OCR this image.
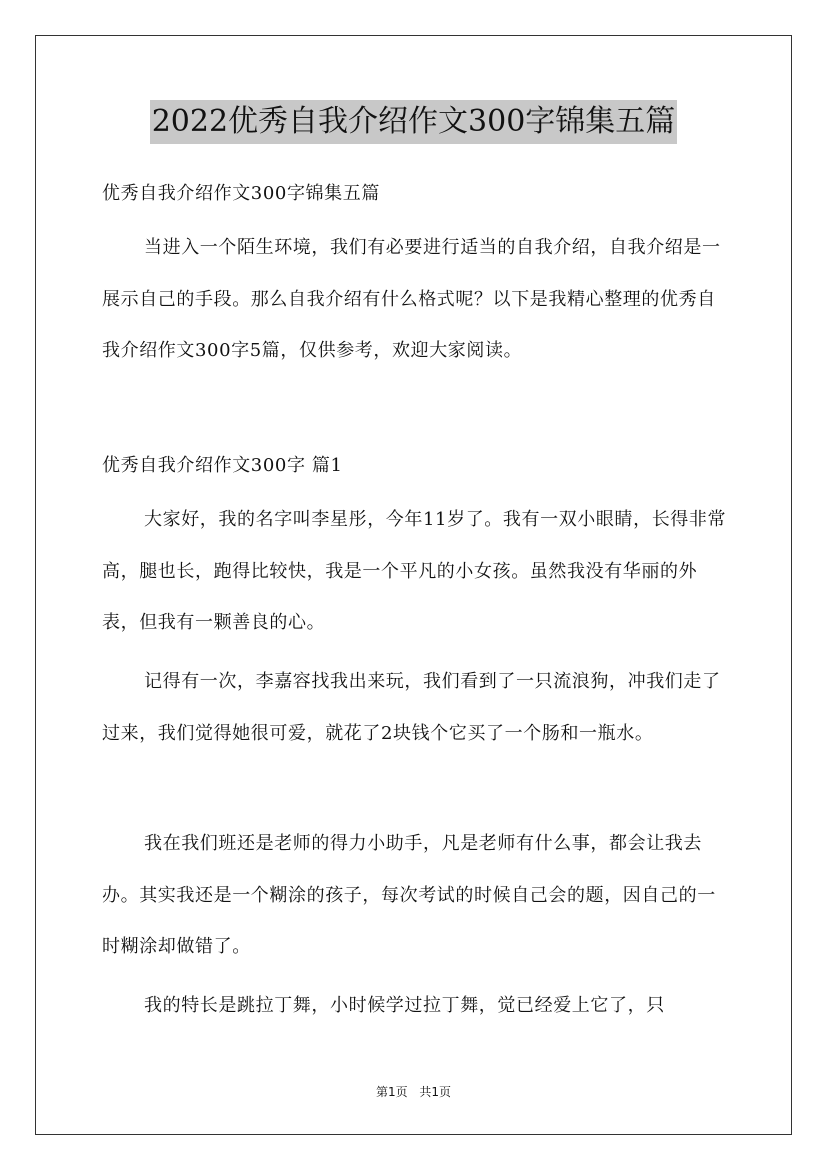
2022优秀自我介绍作文300字锦集五篇

优秀自我介绍作文300字锦集五篇

当进入一个陌生环境，我们有必要进行适当的自我介绍，自我介绍是一展示自己的手段。那么自我介绍有什么格式呢？以下是我精心整理的优秀自我介绍作文300字5篇，仅供参考，欢迎大家阅读。

优秀自我介绍作文300字 篇1

大家好，我的名字叫李星彤，今年11岁了。我有一双小眼睛，长得非常高，腿也长，跑得比较快，我是一个平凡的小女孩。虽然我没有华丽的外表，但我有一颗善良的心。

记得有一次，李嘉容找我出来玩，我们看到了一只流浪狗，冲我们走了过来，我们觉得她很可爱，就花了2块钱个它买了一个肠和一瓶水。

我在我们班还是老师的得力小助手，凡是老师有什么事，都会让我去办。其实我还是一个糊涂的孩子，每次考试的时候自己会的题，因自己的一时糊涂却做错了。

我的特长是跳拉丁舞，小时候学过拉丁舞，觉已经爱上它了，只

第1页 共1页
